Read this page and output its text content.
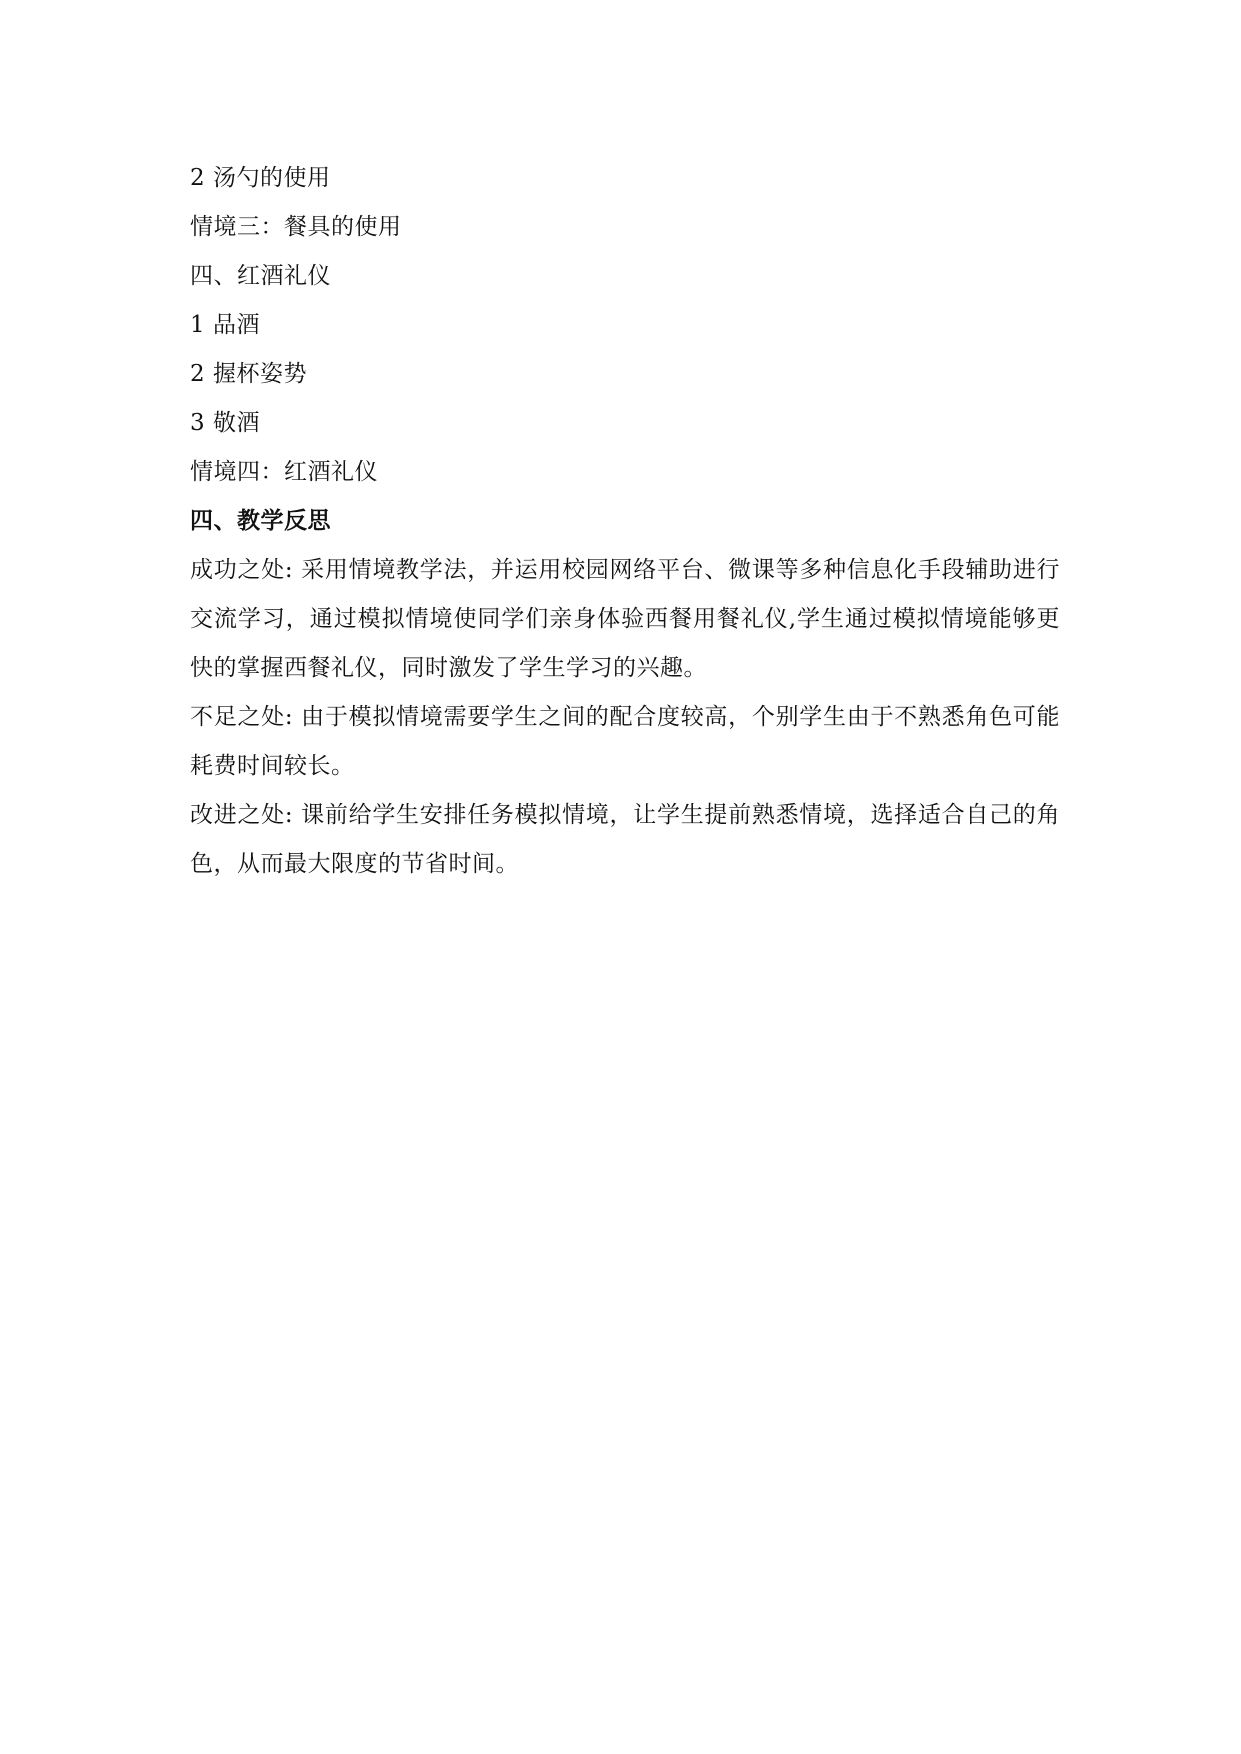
2 汤勺的使用
情境三：餐具的使用
四、红酒礼仪
1 品酒
2 握杯姿势
3 敬酒
情境四：红酒礼仪
四、教学反思

成功之处: 采用情境教学法，并运用校园网络平台、微课等多种信息化手段辅助进行交流学习，通过模拟情境使同学们亲身体验西餐用餐礼仪,学生通过模拟情境能够更快的掌握西餐礼仪，同时激发了学生学习的兴趣。

不足之处: 由于模拟情境需要学生之间的配合度较高，个别学生由于不熟悉角色可能耗费时间较长。

改进之处: 课前给学生安排任务模拟情境，让学生提前熟悉情境，选择适合自己的角色，从而最大限度的节省时间。
